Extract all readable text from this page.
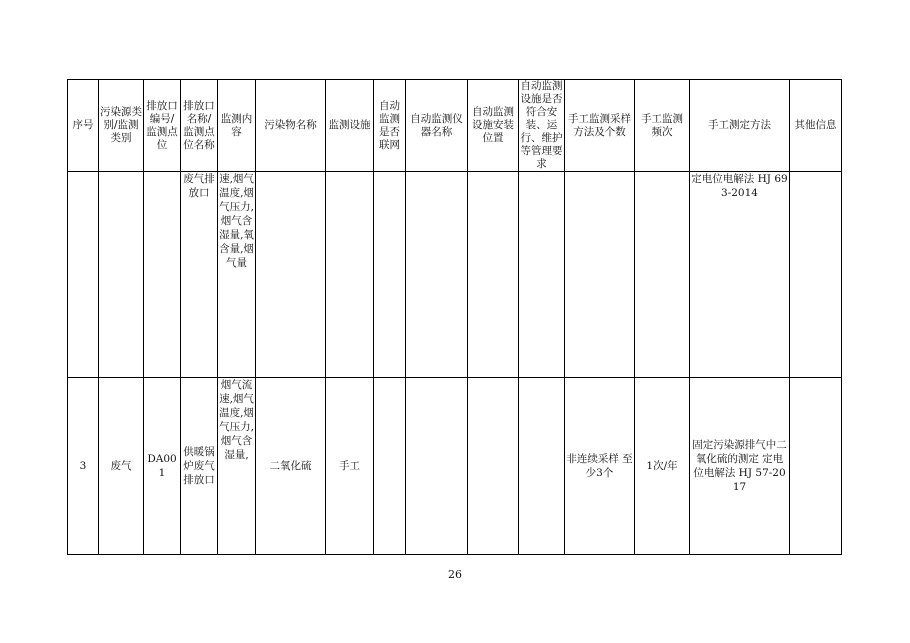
序号	污染源类别/监测类别	排放口编号/监测点位	排放口名称/监测点位名称	监测内容	污染物名称	监测设施	自动监测是否联网	自动监测仪器名称	自动监测设施安装位置	自动监测设施是否符合安装、运行、维护等管理要求	手工监测采样方法及个数	手工监测频次	手工测定方法	其他信息
			废气排放口	速,烟气温度,烟气压力,烟气含湿量,氧含量,烟气量									定电位电解法 HJ 693-2014	
3	废气	DA001	供暖锅炉废气排放口	烟气流速,烟气温度,烟气压力,烟气含湿量,	二氧化硫	手工					非连续采样 至少3个	1次/年	固定污染源排气中二氧化硫的测定 定电位电解法 HJ 57-2017	
26
